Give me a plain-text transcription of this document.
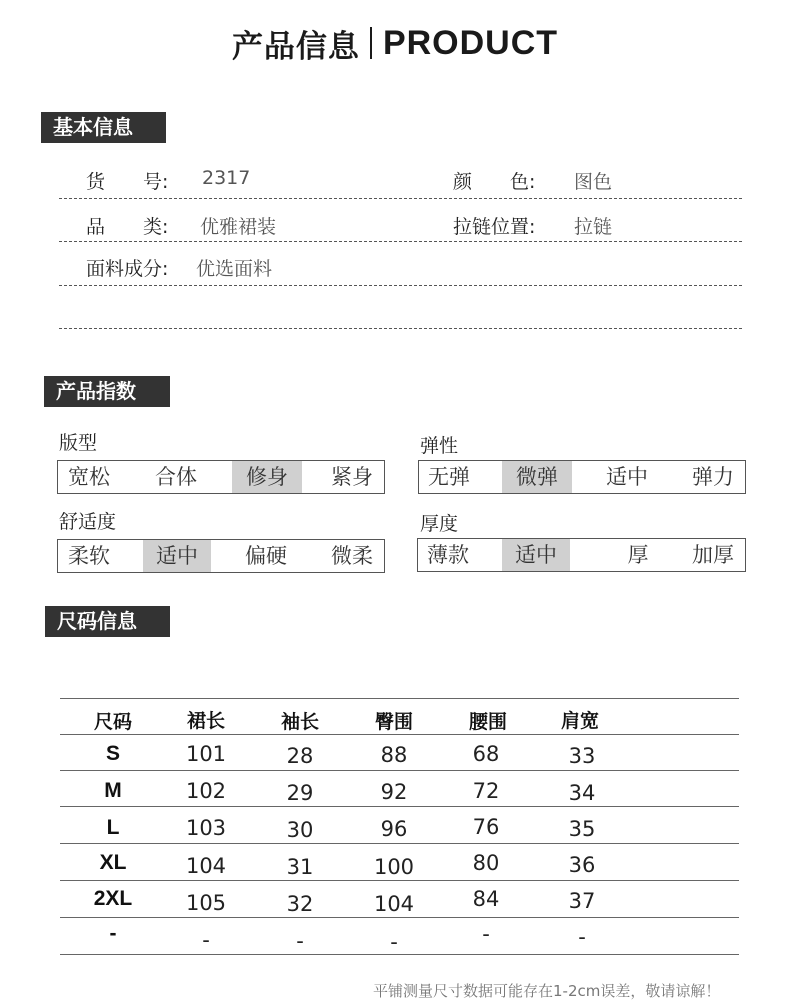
产品信息 PRODUCT
基本信息
货　　号: 2317	颜　　色: 图色
品　　类: 优雅裙装	拉链位置: 拉链
面料成分: 优选面料
产品指数
版型
宽松	合体	修身	紧身
弹性
无弹	微弹	适中	弹力
舒适度
柔软	适中	偏硬	微柔
厚度
薄款	适中	厚	加厚
尺码信息
尺码	裙长	袖长	臀围	腰围	肩宽
S	101	28	88	68	33
M	102	29	92	72	34
L	103	30	96	76	35
XL	104	31	100	80	36
2XL	105	32	104	84	37
-	-	-	-	-	-
平铺测量尺寸数据可能存在1-2cm误差，敬请谅解！
